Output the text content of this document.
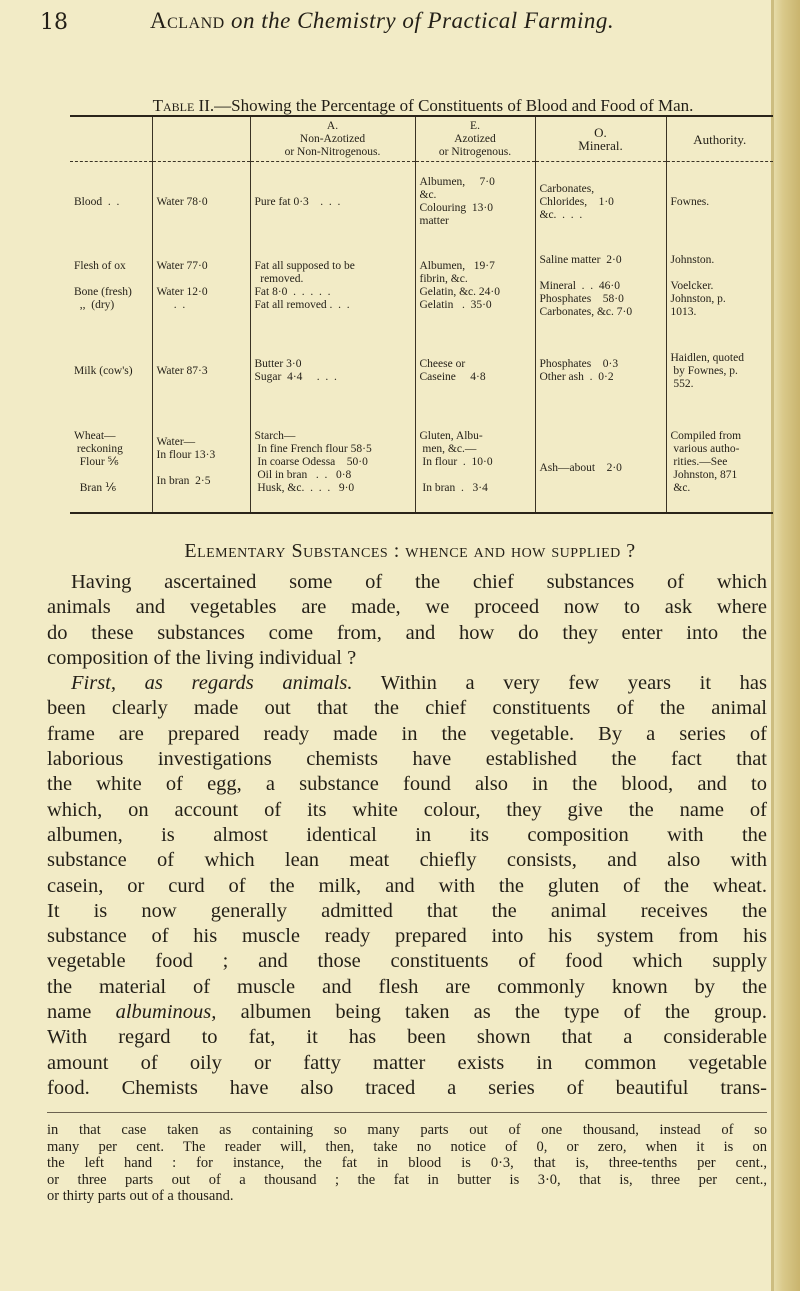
18	Acland on the Chemistry of Practical Farming.
Table II.—Showing the Percentage of Constituents of Blood and Food of Man.
		A.
Non-Azotized
or Non-Nitrogenous.	E.
Azotized
or Nitrogenous.	O.
Mineral.	Authority.
Blood  .  .	Water 78·0	Pure fat 0·3    .  .  .	Albumen,     7·0
&c.
Colouring  13·0
matter	Carbonates,
Chlorides,    1·0
&c.  .  .  .	Fownes.
Flesh of ox

Bone (fresh)
,,  (dry)	Water 77·0

Water 12·0
.  .	Fat all supposed to be
removed.
Fat 8·0  .  .  .  .  .
Fat all removed .  .  .	Albumen,   19·7
fibrin, &c.
Gelatin, &c. 24·0
Gelatin   .  35·0	Saline matter  2·0

Mineral  .  .  46·0
Phosphates    58·0
Carbonates, &c. 7·0	Johnston.

Voelcker.
Johnston, p.
1013.
Milk (cow's)	Water 87·3	Butter 3·0
Sugar  4·4     .  .  .	Cheese or
Caseine     4·8	Phosphates    0·3
Other ash  .  0·2	Haidlen, quoted
by Fownes, p.
552.
Wheat—
reckoning
Flour ⅚

Bran ⅙	Water—
In flour 13·3

In bran  2·5	Starch—
In fine French flour 58·5
In coarse Odessa    50·0
Oil in bran   .  .   0·8
Husk, &c.  .  .  .   9·0	Gluten, Albu-
men, &c.—
In flour  .  10·0

In bran  .   3·4	
Ash—about    2·0	Compiled from
various autho-
rities.—See
Johnston, 871
&c.
Elementary Substances : whence and how supplied ?
Having ascertained some of the chief substances of which
animals and vegetables are made, we proceed now to ask where
do these substances come from, and how do they enter into the
composition of the living individual ?
First, as regards animals. Within a very few years it has
been clearly made out that the chief constituents of the animal
frame are prepared ready made in the vegetable. By a series of
laborious investigations chemists have established the fact that
the white of egg, a substance found also in the blood, and to
which, on account of its white colour, they give the name of
albumen, is almost identical in its composition with the
substance of which lean meat chiefly consists, and also with
casein, or curd of the milk, and with the gluten of the wheat.
It is now generally admitted that the animal receives the
substance of his muscle ready prepared into his system from his
vegetable food ; and those constituents of food which supply
the material of muscle and flesh are commonly known by the
name albuminous, albumen being taken as the type of the group.
With regard to fat, it has been shown that a considerable
amount of oily or fatty matter exists in common vegetable
food. Chemists have also traced a series of beautiful trans-
in that case taken as containing so many parts out of one thousand, instead of so
many per cent. The reader will, then, take no notice of 0, or zero, when it is on
the left hand : for instance, the fat in blood is 0·3, that is, three-tenths per cent.,
or three parts out of a thousand ; the fat in butter is 3·0, that is, three per cent.,
or thirty parts out of a thousand.
